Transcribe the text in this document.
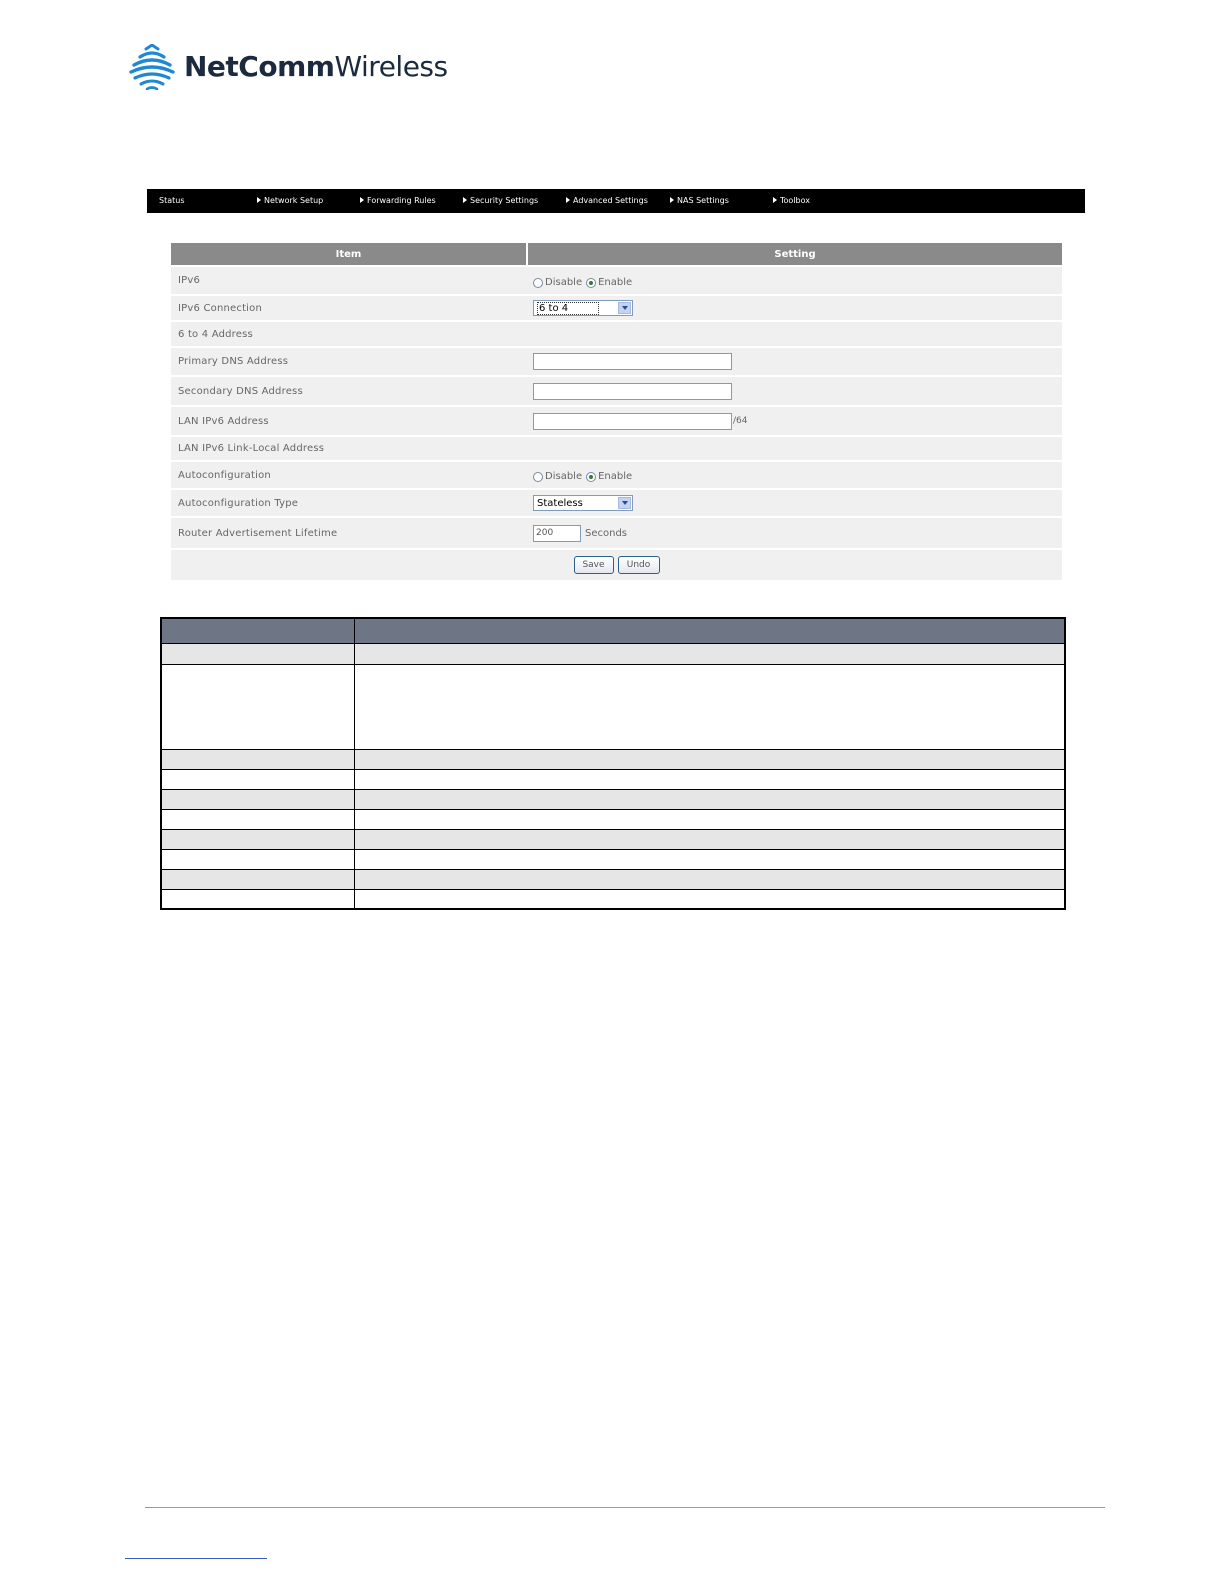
NetCommWireless
Status	Network Setup	Forwarding Rules	Security Settings	Advanced Settings	NAS Settings	Toolbox
Item	Setting
IPv6	Disable Enable
IPv6 Connection	6 to 4
6 to 4 Address
Primary DNS Address
Secondary DNS Address
LAN IPv6 Address	/64
LAN IPv6 Link-Local Address
Autoconfiguration	Disable Enable
Autoconfiguration Type	Stateless
Router Advertisement Lifetime	200	Seconds
Save	Undo
